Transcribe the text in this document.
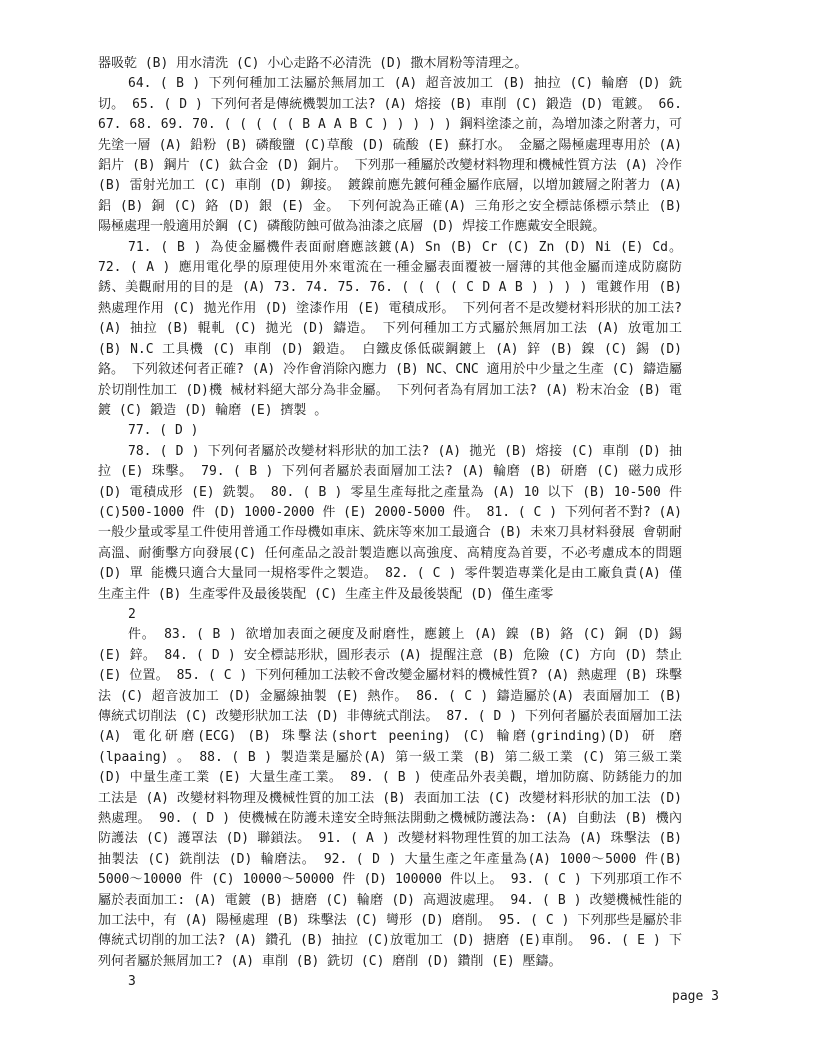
器吸乾 (B) 用水清洗 (C) 小心走路不必清洗 (D) 撒木屑粉等清理之。

64. ( B ) 下列何種加工法屬於無屑加工 (A) 超音波加工 (B) 抽拉 (C) 輪磨 (D) 銑切。 65. ( D ) 下列何者是傳統機製加工法? (A) 熔接 (B) 車削 (C) 鍛造 (D) 電鍍。 66. 67. 68. 69. 70. ( ( ( ( ( B A A B C ) ) ) ) ) 鋼料塗漆之前，為增加漆之附著力，可先塗一層 (A) 鉛粉 (B) 磷酸鹽 (C)草酸 (D) 硫酸 (E) 蘇打水。 金屬之陽極處理專用於 (A) 鋁片 (B) 鋼片 (C) 鈦合金 (D) 銅片。 下列那一種屬於改變材料物理和機械性質方法 (A) 冷作 (B) 雷射光加工 (C) 車削 (D) 鉚接。 鍍鎳前應先鍍何種金屬作底層，以增加鍍層之附著力 (A) 鋁 (B) 銅 (C) 鉻 (D) 銀 (E) 金。 下列何說為正確(A) 三角形之安全標誌係標示禁止 (B) 陽極處理一般適用於鋼 (C) 磷酸防蝕可做為油漆之底層 (D) 焊接工作應戴安全眼鏡。

71. ( B ) 為使金屬機件表面耐磨應該鍍(A) Sn (B) Cr (C) Zn (D) Ni (E) Cd。 72. ( A ) 應用電化學的原理使用外來電流在一種金屬表面覆被一層薄的其他金屬而達成防腐防銹、美觀耐用的目的是 (A) 73. 74. 75. 76. ( ( ( ( C D A B ) ) ) ) 電鍍作用 (B) 熱處理作用 (C) 拋光作用 (D) 塗漆作用 (E) 電積成形。 下列何者不是改變材料形狀的加工法? (A) 抽拉 (B) 輥軋 (C) 拋光 (D) 鑄造。 下列何種加工方式屬於無屑加工法 (A) 放電加工 (B) N.C 工具機 (C) 車削 (D) 鍛造。 白鐵皮係低碳鋼鍍上 (A) 鋅 (B) 鎳 (C) 錫 (D) 鉻。 下列敘述何者正確? (A) 冷作會消除內應力 (B) NC、CNC 適用於中少量之生產 (C) 鑄造屬於切削性加工 (D)機 械材料絕大部分為非金屬。 下列何者為有屑加工法? (A) 粉末冶金 (B) 電鍍 (C) 鍛造 (D) 輪磨 (E) 擠製 。

77. ( D )

78. ( D ) 下列何者屬於改變材料形狀的加工法? (A) 拋光 (B) 熔接 (C) 車削 (D) 抽拉 (E) 珠擊。 79. ( B ) 下列何者屬於表面層加工法? (A) 輪磨 (B) 研磨 (C) 磁力成形 (D) 電積成形 (E) 銑製。 80. ( B ) 零星生產每批之產量為 (A) 10 以下 (B) 10-500 件 (C)500-1000 件 (D) 1000-2000 件 (E) 2000-5000 件。 81. ( C ) 下列何者不對? (A) 一般少量或零星工件使用普通工作母機如車床、銑床等來加工最適合 (B) 未來刀具材料發展 會朝耐高溫、耐衝擊方向發展(C) 任何產品之設計製造應以高強度、高精度為首要，不必考慮成本的問題 (D) 單 能機只適合大量同一規格零件之製造。 82. ( C ) 零件製造專業化是由工廠負責(A) 僅生產主件 (B) 生產零件及最後裝配 (C) 生產主件及最後裝配 (D) 僅生產零

2

件。 83. ( B ) 欲增加表面之硬度及耐磨性，應鍍上 (A) 鎳 (B) 鉻 (C) 銅 (D) 錫 (E) 鋅。 84. ( D ) 安全標誌形狀，圓形表示 (A) 提醒注意 (B) 危險 (C) 方向 (D) 禁止 (E) 位置。 85. ( C ) 下列何種加工法較不會改變金屬材料的機械性質? (A) 熱處理 (B) 珠擊法 (C) 超音波加工 (D) 金屬線抽製 (E) 熱作。 86. ( C ) 鑄造屬於(A) 表面層加工 (B) 傳統式切削法 (C) 改變形狀加工法 (D) 非傳統式削法。 87. ( D ) 下列何者屬於表面層加工法 (A) 電化研磨(ECG) (B) 珠擊法(short peening) (C) 輪磨(grinding)(D) 研 磨(lpaaing) 。 88. ( B ) 製造業是屬於(A) 第一級工業 (B) 第二級工業 (C) 第三級工業 (D) 中量生產工業 (E) 大量生產工業。 89. ( B ) 使產品外表美觀，增加防腐、防銹能力的加工法是 (A) 改變材料物理及機械性質的加工法 (B) 表面加工法 (C) 改變材料形狀的加工法 (D) 熱處理。 90. ( D ) 使機械在防護未達安全時無法開動之機械防護法為: (A) 自動法 (B) 機內防護法 (C) 護罩法 (D) 聯鎖法。 91. ( A ) 改變材料物理性質的加工法為 (A) 珠擊法 (B) 抽製法 (C) 銑削法 (D) 輪磨法。 92. ( D ) 大量生產之年產量為(A) 1000～5000 件(B) 5000～10000 件 (C) 10000～50000 件 (D) 100000 件以上。 93. ( C ) 下列那項工作不屬於表面加工: (A) 電鍍 (B) 搪磨 (C) 輪磨 (D) 高週波處理。 94. ( B ) 改變機械性能的加工法中，有 (A) 陽極處理 (B) 珠擊法 (C) 彎形 (D) 磨削。 95. ( C ) 下列那些是屬於非傳統式切削的加工法? (A) 鑽孔 (B) 抽拉 (C)放電加工 (D) 搪磨 (E)車削。 96. ( E ) 下列何者屬於無屑加工? (A) 車削 (B) 銑切 (C) 磨削 (D) 鑽削 (E) 壓鑄。

3

page 3
